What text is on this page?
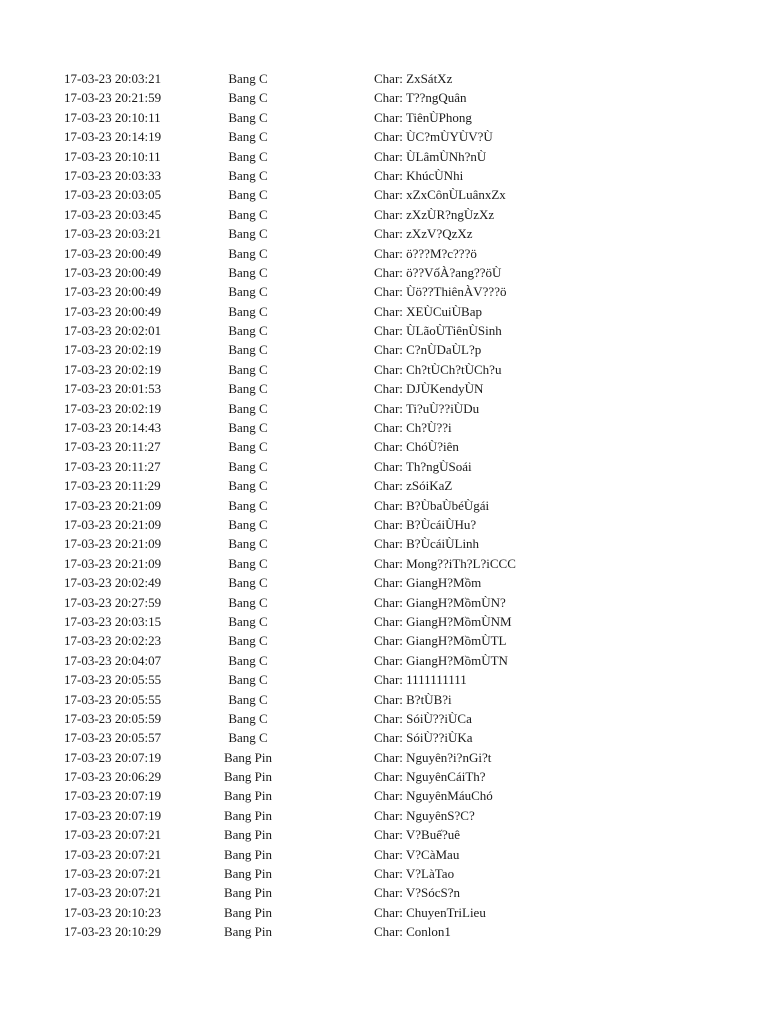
17-03-23 20:03:21	Bang C	Char: ZxSátXz
17-03-23 20:21:59	Bang C	Char: T??ngQuân
17-03-23 20:10:11	Bang C	Char: TiênÙPhong
17-03-23 20:14:19	Bang C	Char: ÙC?mÙYÙV?Ù
17-03-23 20:10:11	Bang C	Char: ÙLâmÙNh?nÙ
17-03-23 20:03:33	Bang C	Char: KhúcÙNhi
17-03-23 20:03:05	Bang C	Char: xZxCônÙLuânxZx
17-03-23 20:03:45	Bang C	Char: zXzÙR?ngÙzXz
17-03-23 20:03:21	Bang C	Char: zXzV?QzXz
17-03-23 20:00:49	Bang C	Char: ö???M?c???ö
17-03-23 20:00:49	Bang C	Char: ö??VốÀ?ang??öÙ
17-03-23 20:00:49	Bang C	Char: Ùö??ThiênÀV???ö
17-03-23 20:00:49	Bang C	Char: XEÙCuiÙBap
17-03-23 20:02:01	Bang C	Char: ÙLãoÙTiênÙSinh
17-03-23 20:02:19	Bang C	Char: C?nÙDaÙL?p
17-03-23 20:02:19	Bang C	Char: Ch?tÙCh?tÙCh?u
17-03-23 20:01:53	Bang C	Char: DJÙKendyÙN
17-03-23 20:02:19	Bang C	Char: Ti?uÙ??iÙDu
17-03-23 20:14:43	Bang C	Char: Ch?Ù??i
17-03-23 20:11:27	Bang C	Char: ChóÙ?iên
17-03-23 20:11:27	Bang C	Char: Th?ngÙSoái
17-03-23 20:11:29	Bang C	Char: zSóiKaZ
17-03-23 20:21:09	Bang C	Char: B?ÙbaÙbéÙgái
17-03-23 20:21:09	Bang C	Char: B?ÙcáiÙHu?
17-03-23 20:21:09	Bang C	Char: B?ÙcáiÙLinh
17-03-23 20:21:09	Bang C	Char: Mong??iTh?L?iCCC
17-03-23 20:02:49	Bang C	Char: GiangH?Mồm
17-03-23 20:27:59	Bang C	Char: GiangH?MồmÙN?
17-03-23 20:03:15	Bang C	Char: GiangH?MồmÙNM
17-03-23 20:02:23	Bang C	Char: GiangH?MồmÙTL
17-03-23 20:04:07	Bang C	Char: GiangH?MồmÙTN
17-03-23 20:05:55	Bang C	Char: 1111111111
17-03-23 20:05:55	Bang C	Char: B?tÙB?i
17-03-23 20:05:59	Bang C	Char: SóiÙ??iÙCa
17-03-23 20:05:57	Bang C	Char: SóiÙ??iÙKa
17-03-23 20:07:19	Bang Pin	Char: Nguyên?i?nGi?t
17-03-23 20:06:29	Bang Pin	Char: NguyênCáiTh?
17-03-23 20:07:19	Bang Pin	Char: NguyênMáuChó
17-03-23 20:07:19	Bang Pin	Char: NguyênS?C?
17-03-23 20:07:21	Bang Pin	Char: V?Buế?uê
17-03-23 20:07:21	Bang Pin	Char: V?CàMau
17-03-23 20:07:21	Bang Pin	Char: V?LàTao
17-03-23 20:07:21	Bang Pin	Char: V?SócS?n
17-03-23 20:10:23	Bang Pin	Char: ChuyenTriLieu
17-03-23 20:10:29	Bang Pin	Char: Conlon1
